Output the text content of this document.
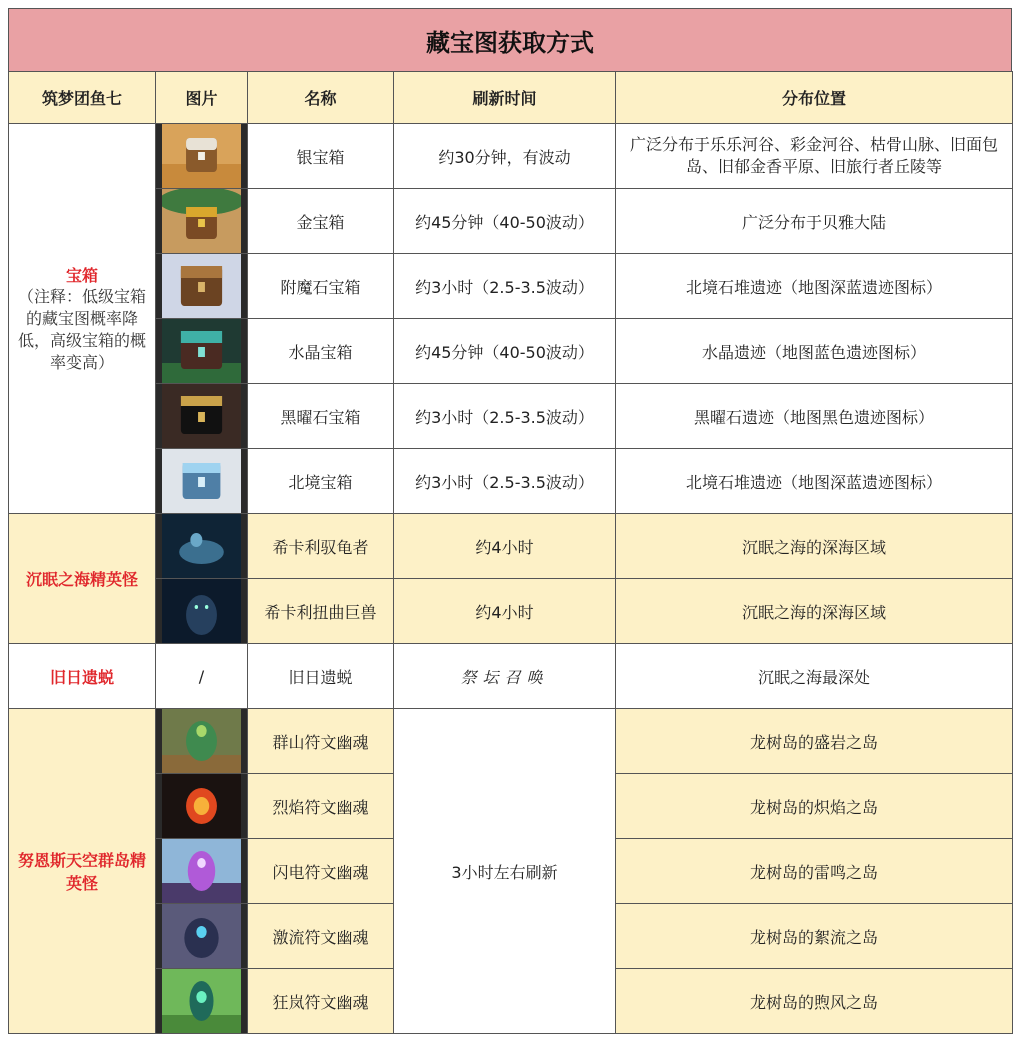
藏宝图获取方式
筑梦团鱼七	图片	名称	刷新时间	分布位置
宝箱
（注释：低级宝箱的藏宝图概率降低，高级宝箱的概率变高）		银宝箱	约30分钟，有波动	广泛分布于乐乐河谷、彩金河谷、枯骨山脉、旧面包岛、旧郁金香平原、旧旅行者丘陵等

	金宝箱	约45分钟（40-50波动）	广泛分布于贝雅大陆

	附魔石宝箱	约3小时（2.5-3.5波动）	北境石堆遗迹（地图深蓝遗迹图标）

	水晶宝箱	约45分钟（40-50波动）	水晶遗迹（地图蓝色遗迹图标）

	黑曜石宝箱	约3小时（2.5-3.5波动）	黑曜石遗迹（地图黑色遗迹图标）

	北境宝箱	约3小时（2.5-3.5波动）	北境石堆遗迹（地图深蓝遗迹图标）
沉眠之海精英怪		希卡利驭龟者	约4小时	沉眠之海的深海区域

	希卡利扭曲巨兽	约4小时	沉眠之海的深海区域
旧日遗蜕	/	旧日遗蜕	祭坛召唤	沉眠之海最深处
努恩斯天空群岛精英怪		群山符文幽魂	3小时左右刷新	龙树岛的盛岩之岛

	烈焰符文幽魂		龙树岛的炽焰之岛

	闪电符文幽魂		龙树岛的雷鸣之岛

	激流符文幽魂		龙树岛的絮流之岛

	狂岚符文幽魂		龙树岛的煦风之岛
